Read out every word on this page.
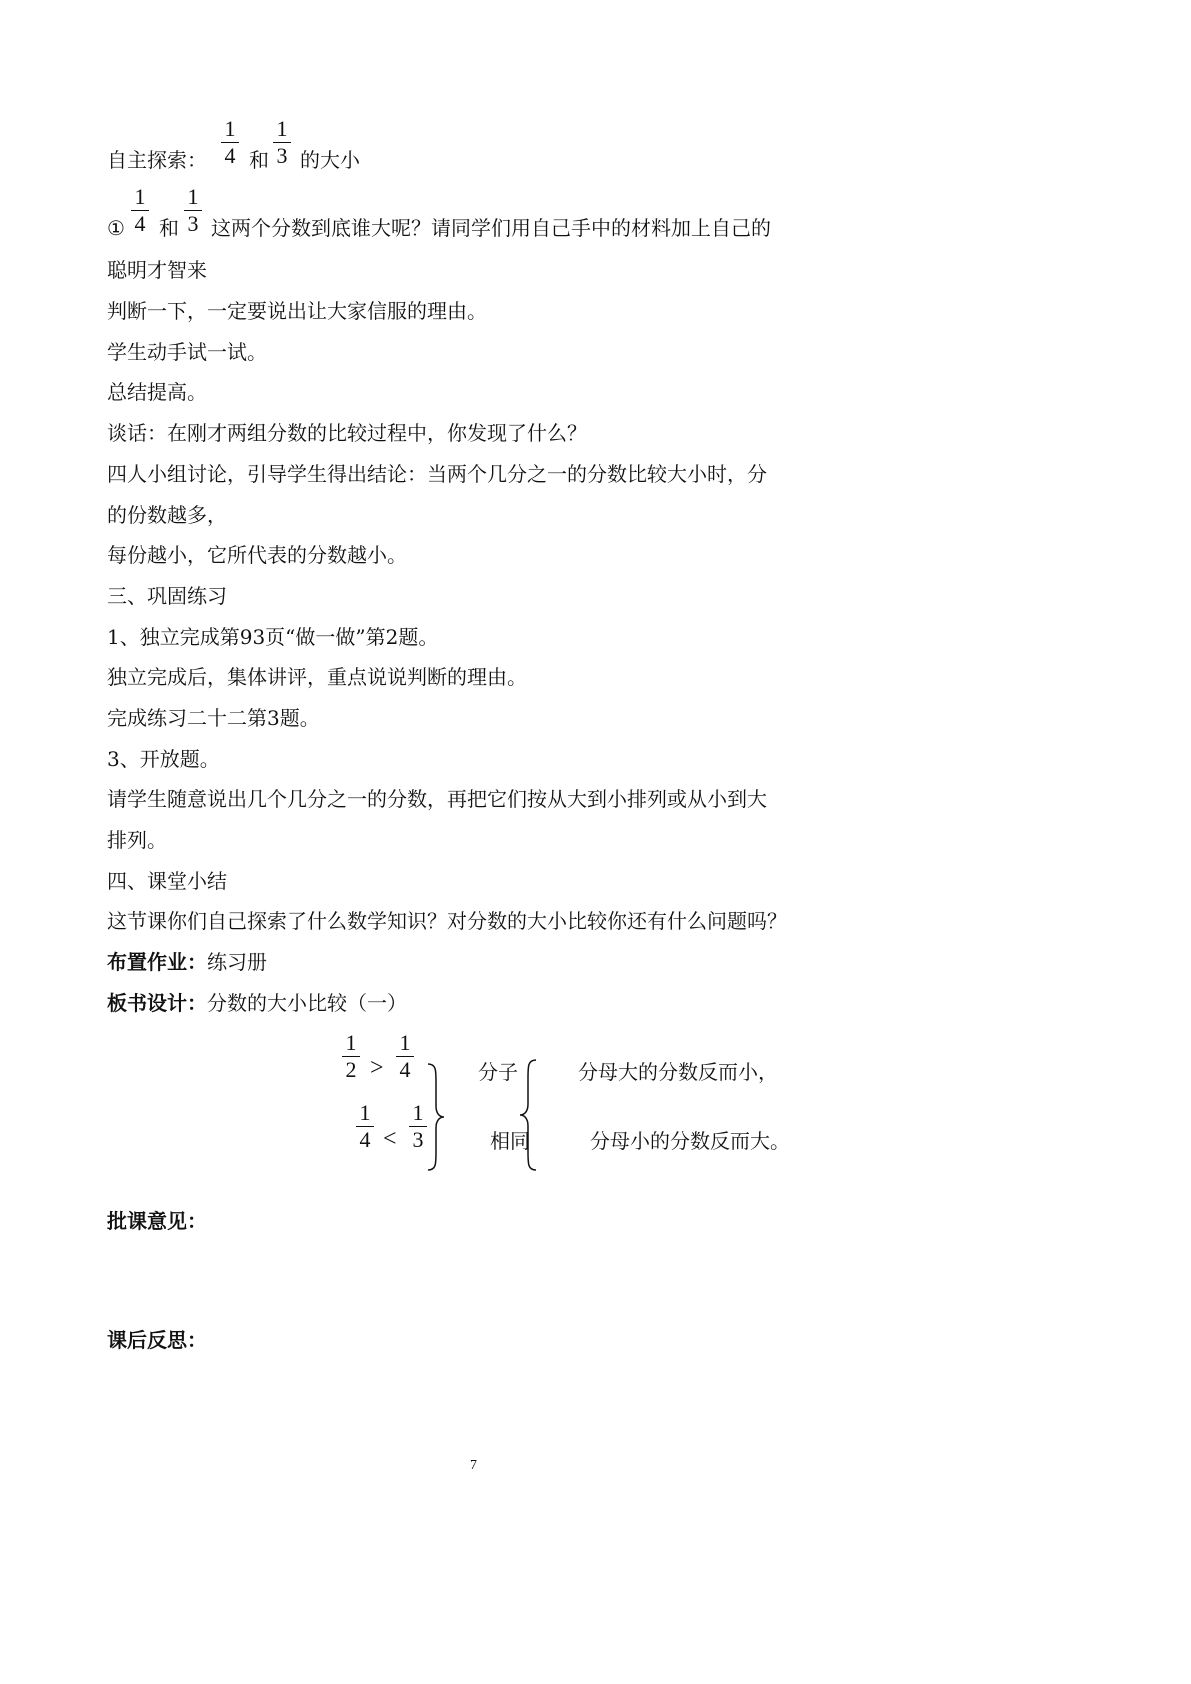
自主探索：
1
4 和
1
3 的大小
①
1
4 和
1
3 这两个分数到底谁大呢？请同学们用自己手中的材料加上自己的
聪明才智来
判断一下，一定要说出让大家信服的理由。
学生动手试一试。
总结提高。
谈话：在刚才两组分数的比较过程中，你发现了什么？
四人小组讨论，引导学生得出结论：当两个几分之一的分数比较大小时，分
的份数越多，
每份越小，它所代表的分数越小。
三、巩固练习
1、独立完成第93页“做一做”第2题。
独立完成后，集体讲评，重点说说判断的理由。
完成练习二十二第3题。
3、开放题。
请学生随意说出几个几分之一的分数，再把它们按从大到小排列或从小到大
排列。
四、课堂小结
这节课你们自己探索了什么数学知识？对分数的大小比较你还有什么问题吗？
布置作业：练习册
板书设计：分数的大小比较（一）
1
2 >
1
4
1
4 <
1
3
分子
相同
分母大的分数反而小，
分母小的分数反而大。
批课意见：
课后反思：
7
